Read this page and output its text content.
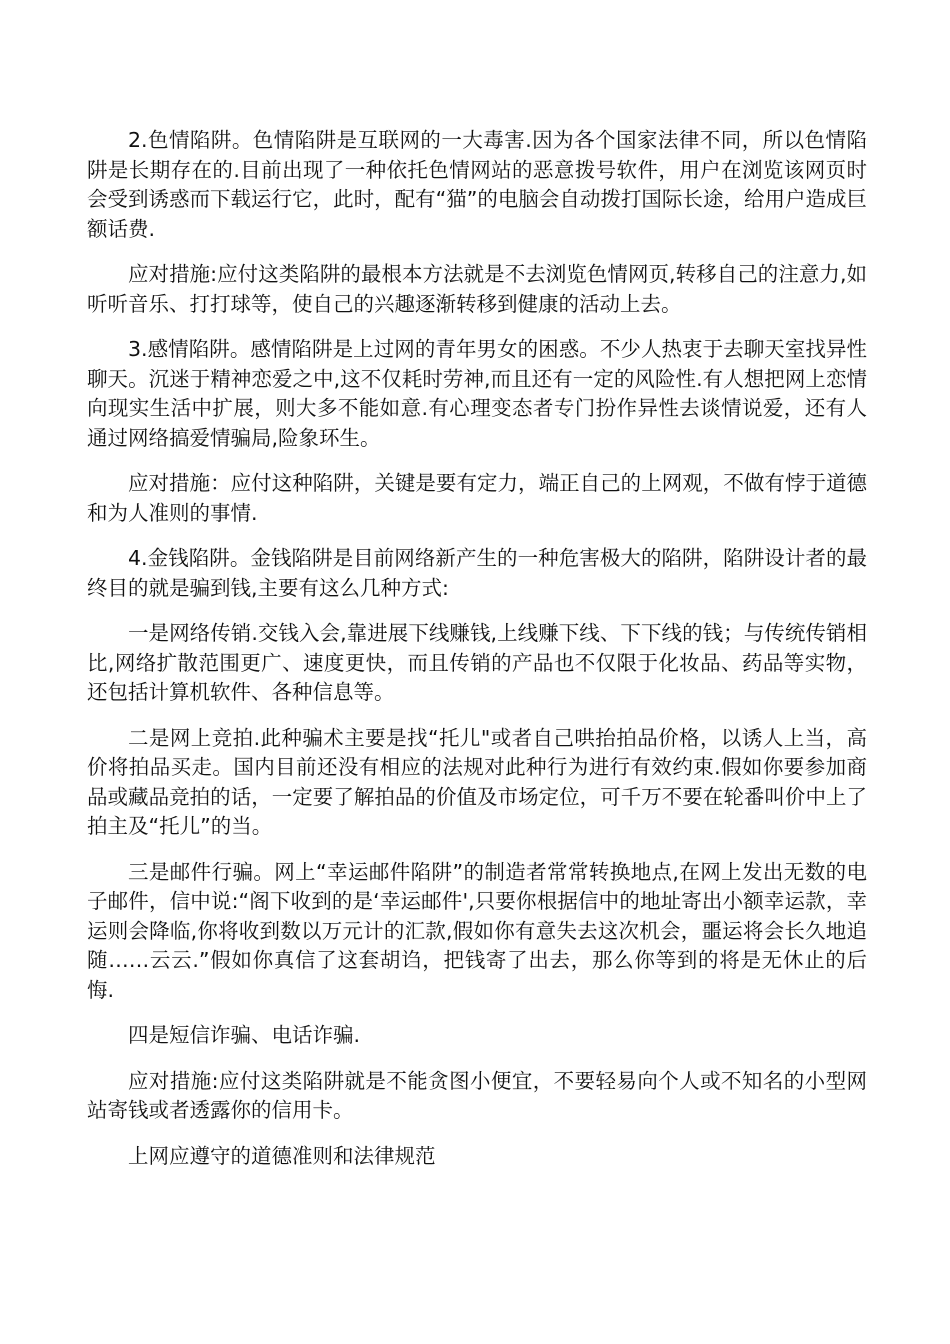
2.色情陷阱。色情陷阱是互联网的一大毒害.因为各个国家法律不同，所以色情陷阱是长期存在的.目前出现了一种依托色情网站的恶意拨号软件，用户在浏览该网页时会受到诱惑而下载运行它，此时，配有“猫”的电脑会自动拨打国际长途，给用户造成巨额话费.

应对措施:应付这类陷阱的最根本方法就是不去浏览色情网页,转移自己的注意力,如听听音乐、打打球等，使自己的兴趣逐渐转移到健康的活动上去。

3.感情陷阱。感情陷阱是上过网的青年男女的困惑。不少人热衷于去聊天室找异性聊天。沉迷于精神恋爱之中,这不仅耗时劳神,而且还有一定的风险性.有人想把网上恋情向现实生活中扩展，则大多不能如意.有心理变态者专门扮作异性去谈情说爱，还有人通过网络搞爱情骗局,险象环生。

应对措施：应付这种陷阱，关键是要有定力，端正自己的上网观，不做有悖于道德和为人准则的事情.

4.金钱陷阱。金钱陷阱是目前网络新产生的一种危害极大的陷阱，陷阱设计者的最终目的就是骗到钱,主要有这么几种方式:

一是网络传销.交钱入会,靠进展下线赚钱,上线赚下线、下下线的钱；与传统传销相比,网络扩散范围更广、速度更快，而且传销的产品也不仅限于化妆品、药品等实物，还包括计算机软件、各种信息等。

二是网上竞拍.此种骗术主要是找“托儿"或者自己哄抬拍品价格，以诱人上当，高价将拍品买走。国内目前还没有相应的法规对此种行为进行有效约束.假如你要参加商品或藏品竞拍的话，一定要了解拍品的价值及市场定位，可千万不要在轮番叫价中上了拍主及“托儿”的当。

三是邮件行骗。网上“幸运邮件陷阱”的制造者常常转换地点,在网上发出无数的电子邮件，信中说:“阁下收到的是‘幸运邮件',只要你根据信中的地址寄出小额幸运款，幸运则会降临,你将收到数以万元计的汇款,假如你有意失去这次机会，噩运将会长久地追随……云云.”假如你真信了这套胡诌，把钱寄了出去，那么你等到的将是无休止的后悔.

四是短信诈骗、电话诈骗.

应对措施:应付这类陷阱就是不能贪图小便宜，不要轻易向个人或不知名的小型网站寄钱或者透露你的信用卡。

上网应遵守的道德准则和法律规范
